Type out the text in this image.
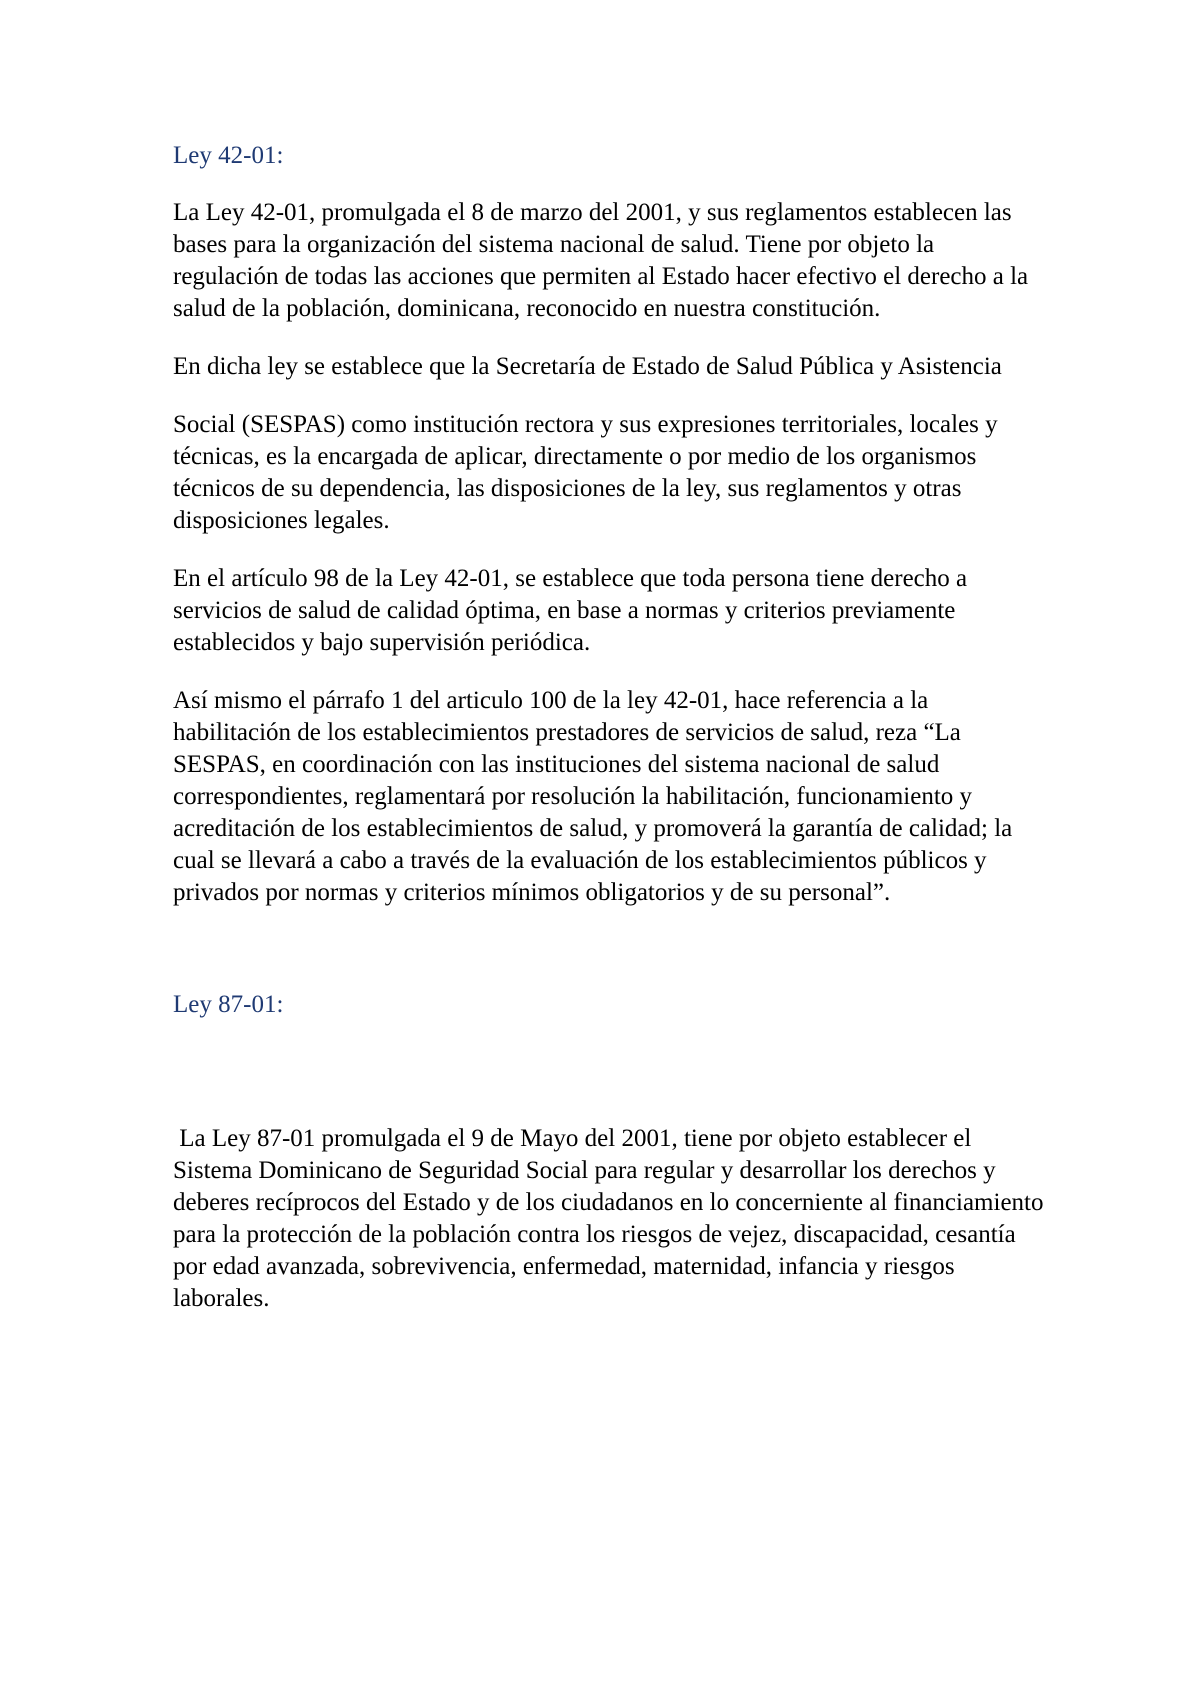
Ley 42-01:

La Ley 42-01, promulgada el 8 de marzo del 2001, y sus reglamentos establecen las bases para la organización del sistema nacional de salud. Tiene por objeto la regulación de todas las acciones que permiten al Estado hacer efectivo el derecho a la salud de la población, dominicana, reconocido en nuestra constitución.

En dicha ley se establece que la Secretaría de Estado de Salud Pública y Asistencia

Social (SESPAS) como institución rectora y sus expresiones territoriales, locales y técnicas, es la encargada de aplicar, directamente o por medio de los organismos técnicos de su dependencia, las disposiciones de la ley, sus reglamentos y otras disposiciones legales.

En el artículo 98 de la Ley 42-01, se establece que toda persona tiene derecho a servicios de salud de calidad óptima, en base a normas y criterios previamente establecidos y bajo supervisión periódica.

Así mismo el párrafo 1 del articulo 100 de la ley 42-01, hace referencia a la habilitación de los establecimientos prestadores de servicios de salud, reza “La SESPAS, en coordinación con las instituciones del sistema nacional de salud correspondientes, reglamentará por resolución la habilitación, funcionamiento y acreditación de los establecimientos de salud, y promoverá la garantía de calidad; la cual se llevará a cabo a través de la evaluación de los establecimientos públicos y privados por normas y criterios mínimos obligatorios y de su personal”.

Ley 87-01:

La Ley 87-01 promulgada el 9 de Mayo del 2001, tiene por objeto establecer el Sistema Dominicano de Seguridad Social para regular y desarrollar los derechos y deberes recíprocos del Estado y de los ciudadanos en lo concerniente al financiamiento para la protección de la población contra los riesgos de vejez, discapacidad, cesantía por edad avanzada, sobrevivencia, enfermedad, maternidad, infancia y riesgos laborales.
